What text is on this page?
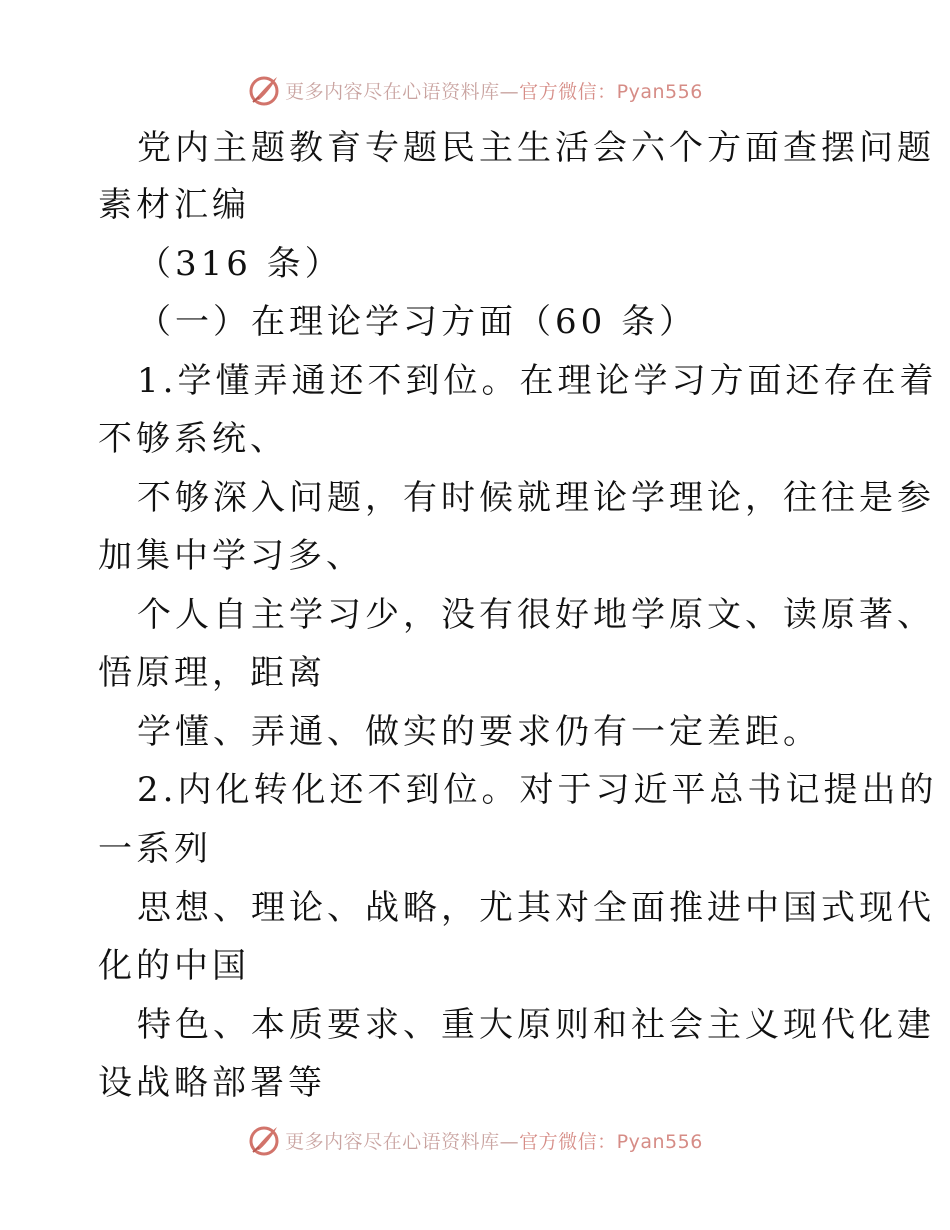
更多内容尽在心语资料库—官方微信：Pyan556
党内主题教育专题民主生活会六个方面查摆问题
素材汇编
（316 条）
（一）在理论学习方面（60 条）
1.学懂弄通还不到位。在理论学习方面还存在着
不够系统、
不够深入问题，有时候就理论学理论，往往是参
加集中学习多、
个人自主学习少，没有很好地学原文、读原著、
悟原理，距离
学懂、弄通、做实的要求仍有一定差距。
2.内化转化还不到位。对于习近平总书记提出的
一系列
思想、理论、战略，尤其对全面推进中国式现代
化的中国
特色、本质要求、重大原则和社会主义现代化建
设战略部署等
更多内容尽在心语资料库—官方微信：Pyan556
